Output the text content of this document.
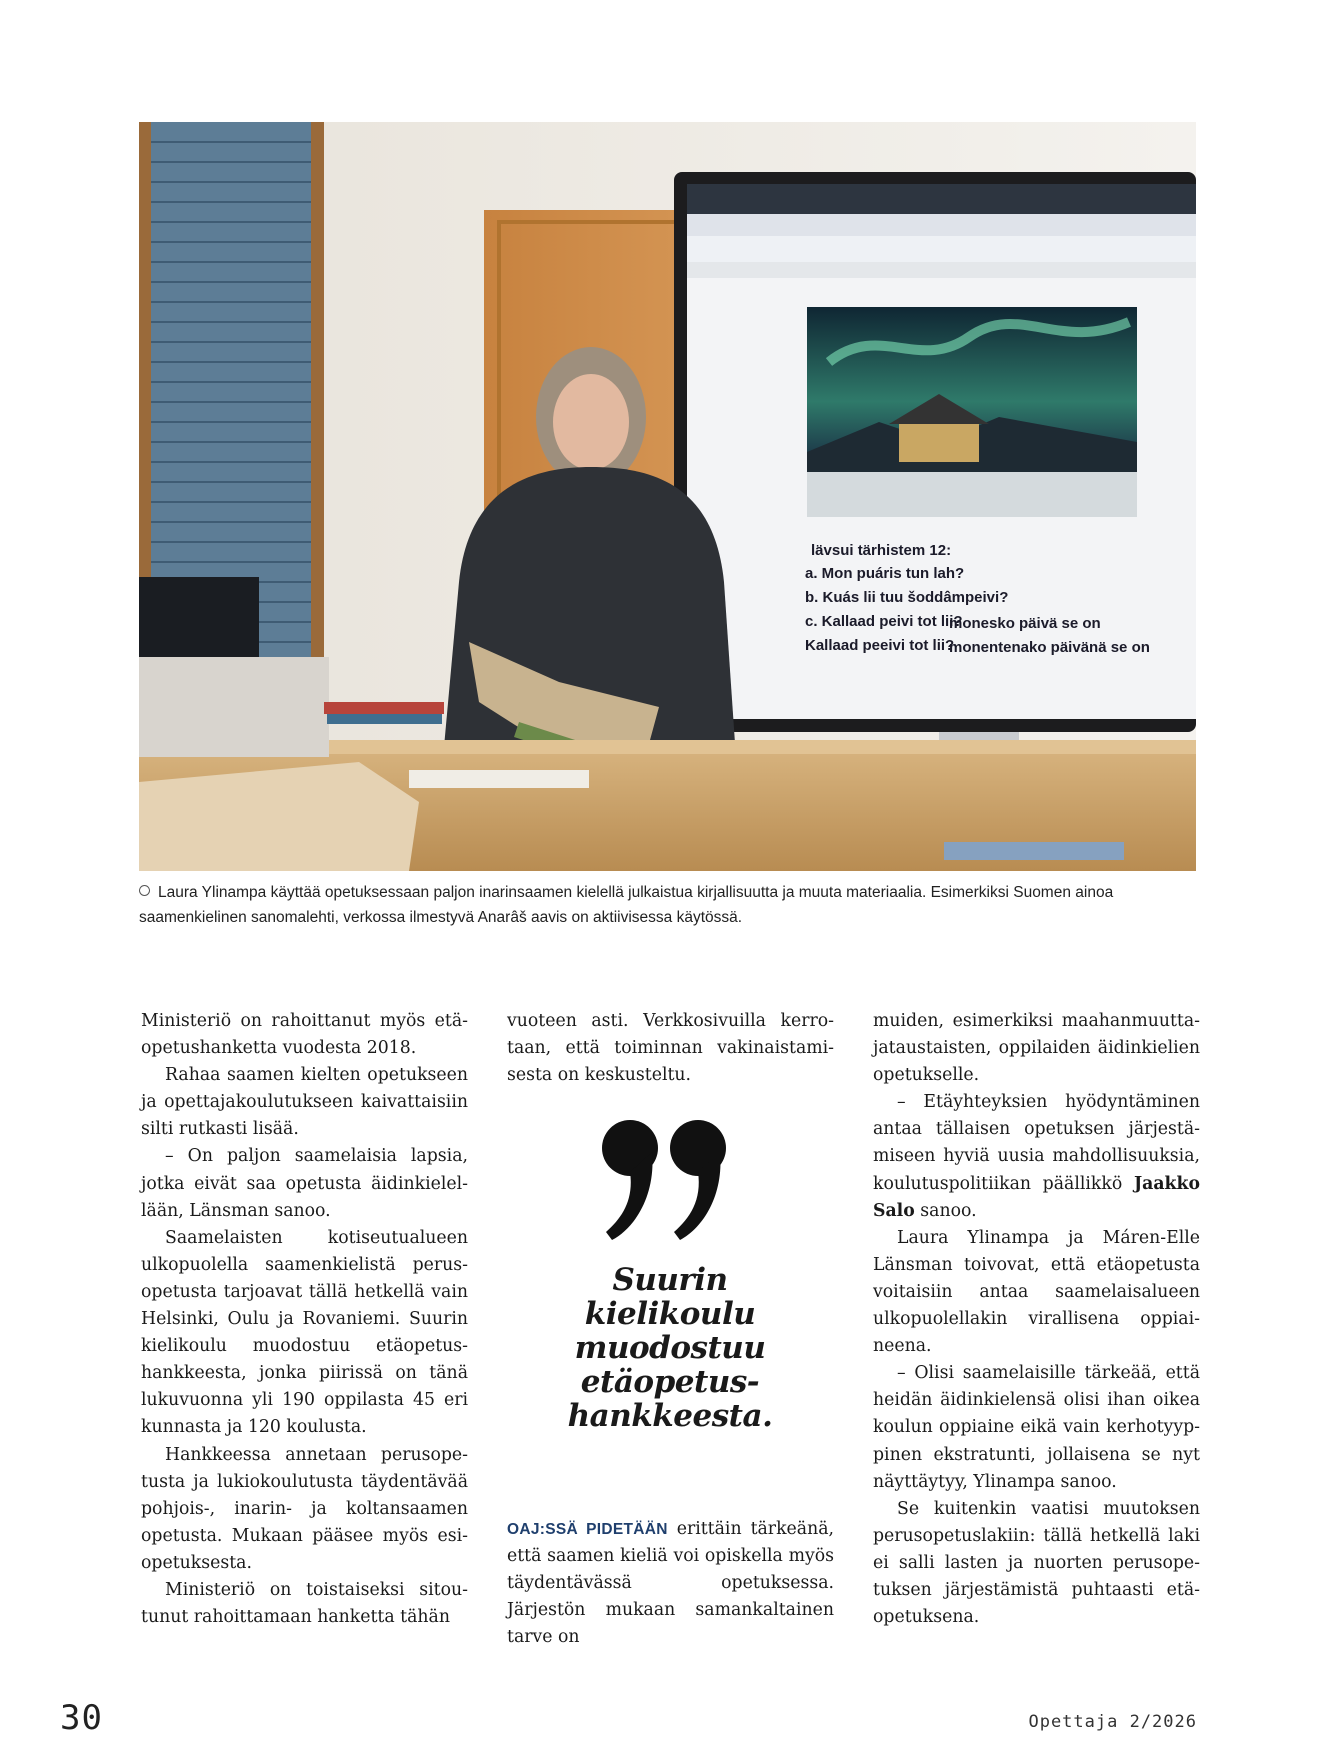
lävsui tärhistem 12:
a. Mon puáris tun lah?
b. Kuás lii tuu šoddâmpeivi?
c. Kallaad peivi tot lii?
Kallaad peeivi tot lii?
monesko päivä se on
monentenako päivänä se on
Laura Ylinampa käyttää opetuksessaan paljon inarinsaamen kielellä julkaistua kirjallisuutta ja muuta materiaalia. Esimerkiksi Suomen ainoa saamenkielinen sanomalehti, verkossa ilmestyvä Anarâš aavis on aktiivisessa käytössä.

Ministeriö on rahoittanut myös etäopetushanketta vuodesta 2018.

Rahaa saamen kielten opetukseen ja opettajakoulutukseen kaivattaisiin silti rutkasti lisää.

– On paljon saamelaisia lapsia, jotka eivät saa opetusta äidinkielellään, Länsman sanoo.

Saamelaisten kotiseutualueen ulkopuolella saamenkielistä perusopetusta tarjoavat tällä hetkellä vain Helsinki, Oulu ja Rovaniemi. Suurin kielikoulu muodostuu etäopetushankkeesta, jonka piirissä on tänä lukuvuonna yli 190 oppilasta 45 eri kunnasta ja 120 koulusta.

Hankkeessa annetaan perusopetusta ja lukiokoulutusta täydentävää pohjois-, inarin- ja koltansaamen opetusta. Mukaan pääsee myös esiopetuksesta.

Ministeriö on toistaiseksi sitoutunut rahoittamaan hanketta tähän

vuoteen asti. Verkkosivuilla kerrotaan, että toiminnan vakinaistamisesta on keskusteltu.

Suurin
kielikoulu
muodostuu
etäopetus-
hankkeesta.

OAJ:SSÄ PIDETÄÄN erittäin tärkeänä, että saamen kieliä voi opiskella myös täydentävässä opetuksessa. Järjestön mukaan samankaltainen tarve on

muiden, esimerkiksi maahanmuuttajataustaisten, oppilaiden äidinkielien opetukselle.

– Etäyhteyksien hyödyntäminen antaa tällaisen opetuksen järjestämiseen hyviä uusia mahdollisuuksia, koulutuspolitiikan päällikkö Jaakko Salo sanoo.

Laura Ylinampa ja Máren-Elle Länsman toivovat, että etäopetusta voitaisiin antaa saamelaisalueen ulkopuolellakin virallisena oppiaineena.

– Olisi saamelaisille tärkeää, että heidän äidinkielensä olisi ihan oikea koulun oppiaine eikä vain kerhotyyppinen ekstratunti, jollaisena se nyt näyttäytyy, Ylinampa sanoo.

Se kuitenkin vaatisi muutoksen perusopetuslakiin: tällä hetkellä laki ei salli lasten ja nuorten perusopetuksen järjestämistä puhtaasti etäopetuksena.

30	Opettaja 2/2026
